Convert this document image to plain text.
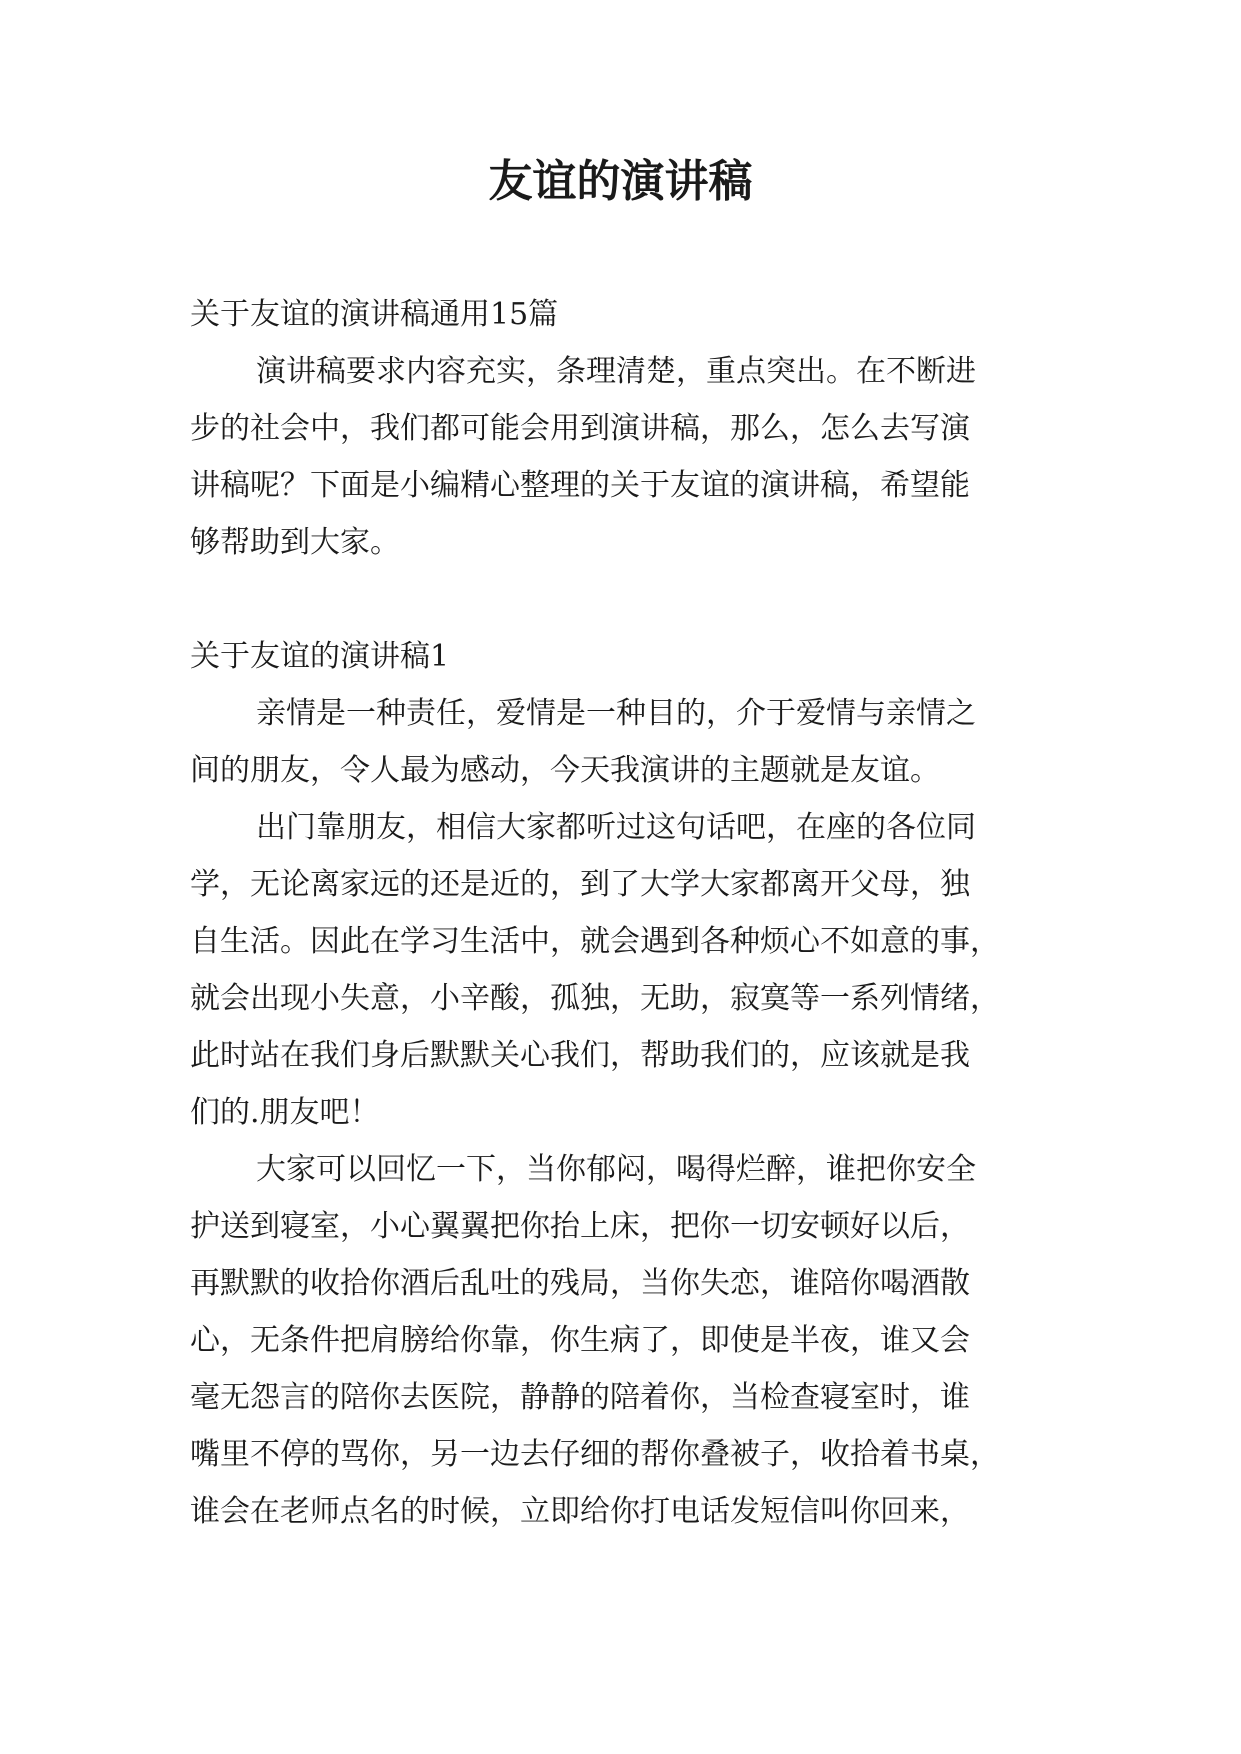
友谊的演讲稿
关于友谊的演讲稿通用15篇
演讲稿要求内容充实，条理清楚，重点突出。在不断进
步的社会中，我们都可能会用到演讲稿，那么，怎么去写演
讲稿呢？下面是小编精心整理的关于友谊的演讲稿，希望能
够帮助到大家。
关于友谊的演讲稿1
亲情是一种责任，爱情是一种目的，介于爱情与亲情之
间的朋友，令人最为感动，今天我演讲的主题就是友谊。
出门靠朋友，相信大家都听过这句话吧，在座的各位同
学，无论离家远的还是近的，到了大学大家都离开父母，独
自生活。因此在学习生活中，就会遇到各种烦心不如意的事，
就会出现小失意，小辛酸，孤独，无助，寂寞等一系列情绪，
此时站在我们身后默默关心我们，帮助我们的，应该就是我
们的.朋友吧！
大家可以回忆一下，当你郁闷，喝得烂醉，谁把你安全
护送到寝室，小心翼翼把你抬上床，把你一切安顿好以后，
再默默的收拾你酒后乱吐的残局，当你失恋，谁陪你喝酒散
心，无条件把肩膀给你靠，你生病了，即使是半夜，谁又会
毫无怨言的陪你去医院，静静的陪着你，当检查寝室时，谁
嘴里不停的骂你，另一边去仔细的帮你叠被子，收拾着书桌，
谁会在老师点名的时候，立即给你打电话发短信叫你回来，
